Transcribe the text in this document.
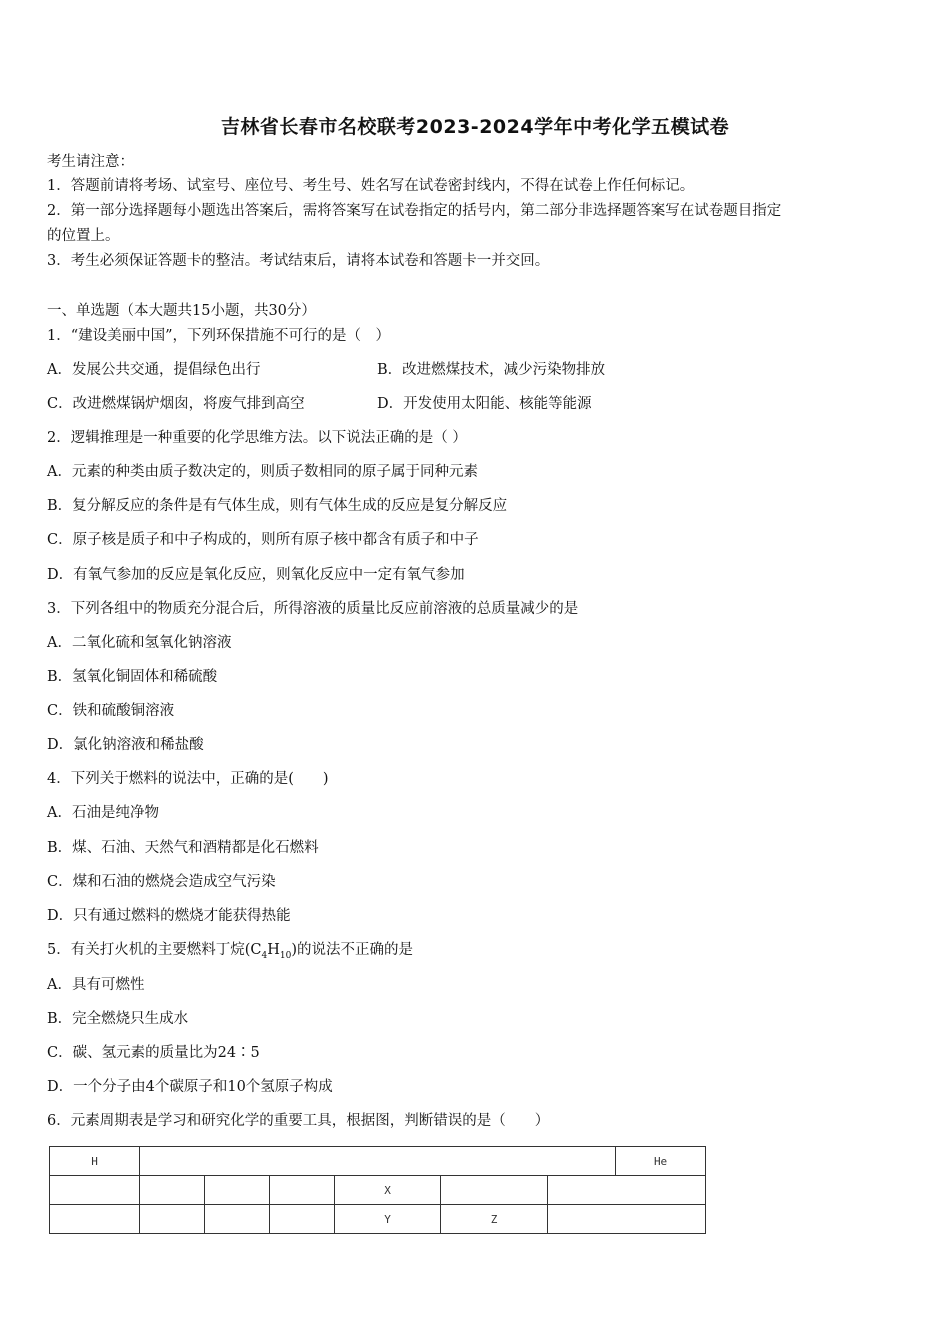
吉林省长春市名校联考2023-2024学年中考化学五模试卷
考生请注意：
1．答题前请将考场、试室号、座位号、考生号、姓名写在试卷密封线内，不得在试卷上作任何标记。
2．第一部分选择题每小题选出答案后，需将答案写在试卷指定的括号内，第二部分非选择题答案写在试卷题目指定
的位置上。
3．考生必须保证答题卡的整洁。考试结束后，请将本试卷和答题卡一并交回。
一、单选题（本大题共15小题，共30分）
1．“建设美丽中国”，下列环保措施不可行的是（　）
A．发展公共交通，提倡绿色出行	B．改进燃煤技术，减少污染物排放
C．改进燃煤锅炉烟囱，将废气排到高空	D．开发使用太阳能、核能等能源
2．逻辑推理是一种重要的化学思维方法。以下说法正确的是（ ）
A．元素的种类由质子数决定的，则质子数相同的原子属于同种元素
B．复分解反应的条件是有气体生成，则有气体生成的反应是复分解反应
C．原子核是质子和中子构成的，则所有原子核中都含有质子和中子
D．有氧气参加的反应是氧化反应，则氧化反应中一定有氧气参加
3．下列各组中的物质充分混合后，所得溶液的质量比反应前溶液的总质量减少的是
A．二氧化硫和氢氧化钠溶液
B．氢氧化铜固体和稀硫酸
C．铁和硫酸铜溶液
D．氯化钠溶液和稀盐酸
4．下列关于燃料的说法中，正确的是(　　)
A．石油是纯净物
B．煤、石油、天然气和酒精都是化石燃料
C．煤和石油的燃烧会造成空气污染
D．只有通过燃料的燃烧才能获得热能
5．有关打火机的主要燃料丁烷$(C_4H_{10})$的说法不正确的是
A．具有可燃性
B．完全燃烧只生成水
C．碳、氢元素的质量比为24∶5
D．一个分子由4个碳原子和10个氢原子构成
6．元素周期表是学习和研究化学的重要工具，根据图，判断错误的是（　　）
H							He
				X			
				Y	Z		
